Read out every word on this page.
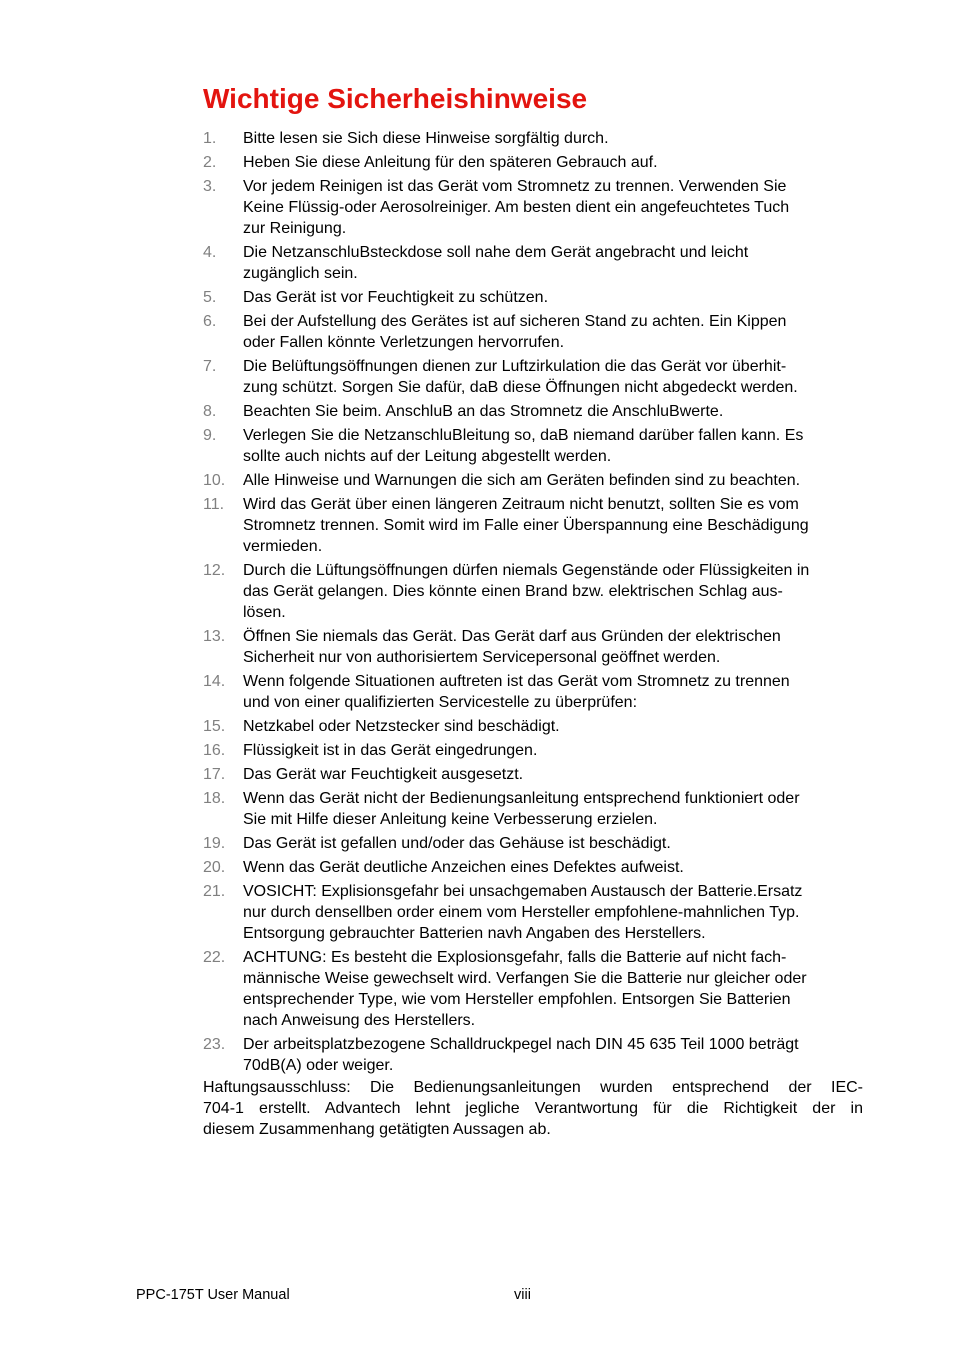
Wichtige Sicherheishinweise
1. Bitte lesen sie Sich diese Hinweise sorgfältig durch.
2. Heben Sie diese Anleitung für den späteren Gebrauch auf.
3. Vor jedem Reinigen ist das Gerät vom Stromnetz zu trennen. Verwenden Sie
Keine Flüssig-oder Aerosolreiniger. Am besten dient ein angefeuchtetes Tuch
zur Reinigung.
4. Die NetzanschluBsteckdose soll nahe dem Gerät angebracht und leicht
zugänglich sein.
5. Das Gerät ist vor Feuchtigkeit zu schützen.
6. Bei der Aufstellung des Gerätes ist auf sicheren Stand zu achten. Ein Kippen
oder Fallen könnte Verletzungen hervorrufen.
7. Die Belüftungsöffnungen dienen zur Luftzirkulation die das Gerät vor überhit-
zung schützt. Sorgen Sie dafür, daB diese Öffnungen nicht abgedeckt werden.
8. Beachten Sie beim. AnschluB an das Stromnetz die AnschluBwerte.
9. Verlegen Sie die NetzanschluBleitung so, daB niemand darüber fallen kann. Es
sollte auch nichts auf der Leitung abgestellt werden.
10. Alle Hinweise und Warnungen die sich am Geräten befinden sind zu beachten.
11. Wird das Gerät über einen längeren Zeitraum nicht benutzt, sollten Sie es vom
Stromnetz trennen. Somit wird im Falle einer Überspannung eine Beschädigung
vermieden.
12. Durch die Lüftungsöffnungen dürfen niemals Gegenstände oder Flüssigkeiten in
das Gerät gelangen. Dies könnte einen Brand bzw. elektrischen Schlag aus-
lösen.
13. Öffnen Sie niemals das Gerät. Das Gerät darf aus Gründen der elektrischen
Sicherheit nur von authorisiertem Servicepersonal geöffnet werden.
14. Wenn folgende Situationen auftreten ist das Gerät vom Stromnetz zu trennen
und von einer qualifizierten Servicestelle zu überprüfen:
15. Netzkabel oder Netzstecker sind beschädigt.
16. Flüssigkeit ist in das Gerät eingedrungen.
17. Das Gerät war Feuchtigkeit ausgesetzt.
18. Wenn das Gerät nicht der Bedienungsanleitung entsprechend funktioniert oder
Sie mit Hilfe dieser Anleitung keine Verbesserung erzielen.
19. Das Gerät ist gefallen und/oder das Gehäuse ist beschädigt.
20. Wenn das Gerät deutliche Anzeichen eines Defektes aufweist.
21. VOSICHT: Explisionsgefahr bei unsachgemaben Austausch der Batterie.Ersatz
nur durch densellben order einem vom Hersteller empfohlene-mahnlichen Typ.
Entsorgung gebrauchter Batterien navh Angaben des Herstellers.
22. ACHTUNG: Es besteht die Explosionsgefahr, falls die Batterie auf nicht fach-
männische Weise gewechselt wird. Verfangen Sie die Batterie nur gleicher oder
entsprechender Type, wie vom Hersteller empfohlen. Entsorgen Sie Batterien
nach Anweisung des Herstellers.
23. Der arbeitsplatzbezogene Schalldruckpegel nach DIN 45 635 Teil 1000 beträgt
70dB(A) oder weiger.
Haftungsausschluss: Die Bedienungsanleitungen wurden entsprechend der IEC-
704-1 erstellt. Advantech lehnt jegliche Verantwortung für die Richtigkeit der in
diesem Zusammenhang getätigten Aussagen ab.
PPC-175T User Manual	viii
